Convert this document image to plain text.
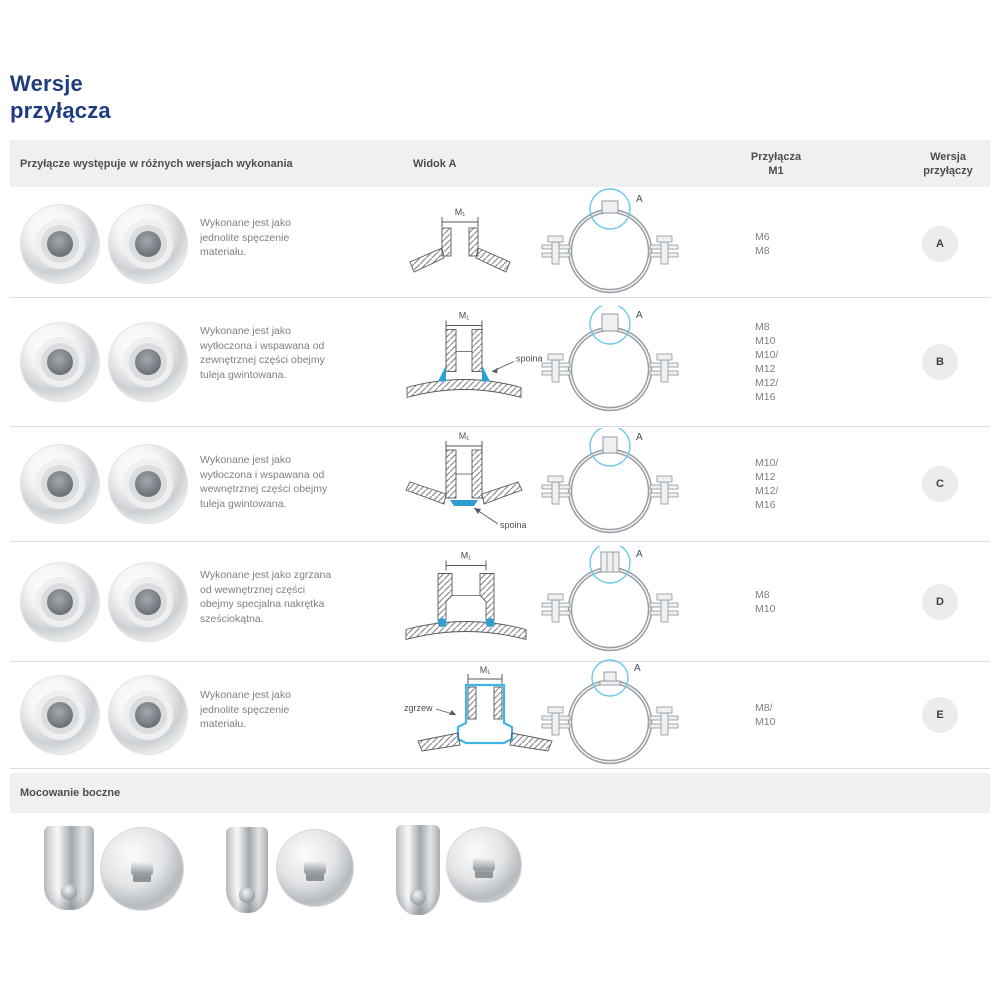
Wersje
przyłącza
Przyłącze występuje w różnych wersjach wykonania	Widok A
Przyłącza
M1
Wersja
przyłączy
Wykonane jest jako jednolite spęczenie materiału.
M₁
A
M6
M8
A
Wykonane jest jako wytłoczona i wspawana od zewnętrznej części obejmy tuleja gwintowana.
M₁
spoina
A
M8
M10
M10/
M12
M12/
M16
B
Wykonane jest jako wytłoczona i wspawana od wewnętrznej części obejmy tuleja gwintowana.
M₁
spoina
A
M10/
M12
M12/
M16
C
Wykonane jest jako zgrzana od wewnętrznej części obejmy specjalna nakrętka sześciokątna.
M₁	A
M8
M10
D
Wykonane jest jako jednolite spęczenie materiału.
M₁
zgrzew
A
M8/
M10
E
Mocowanie boczne
